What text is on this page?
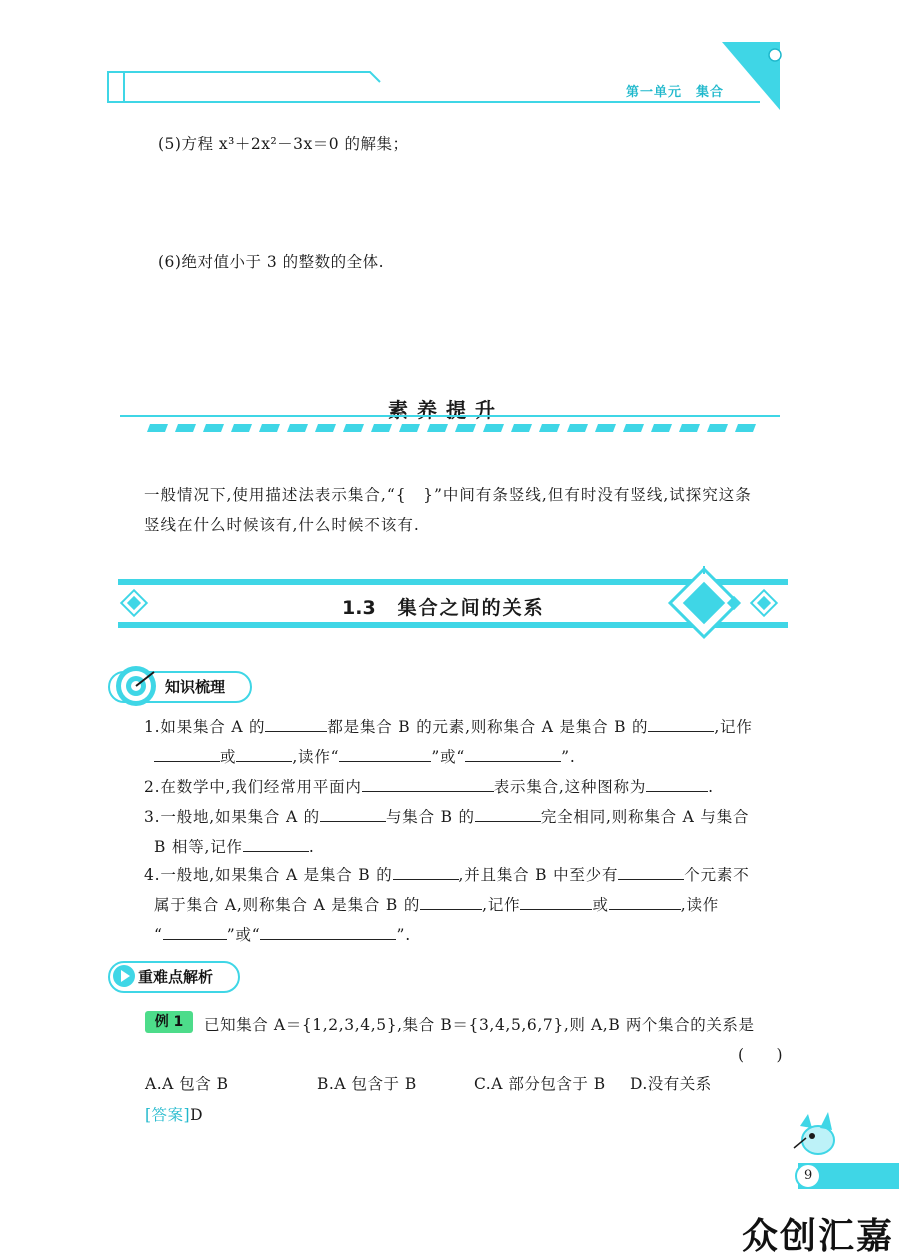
第一单元　集合
(5)方程 x³＋2x²－3x＝0 的解集；
(6)绝对值小于 3 的整数的全体.
素养提升
一般情况下,使用描述法表示集合,“{　}”中间有条竖线,但有时没有竖线,试探究这条
竖线在什么时候该有,什么时候不该有.
1.3 集合之间的关系
知识梳理
1.如果集合 A 的	都是集合 B 的元素,则称集合 A 是集合 B 的	,记作
或	,读作“	”或“	”.
2.在数学中,我们经常用平面内	表示集合,这种图称为	.
3.一般地,如果集合 A 的	与集合 B 的	完全相同,则称集合 A 与集合
B 相等,记作	.
4.一般地,如果集合 A 是集合 B 的	,并且集合 B 中至少有	个元素不
属于集合 A,则称集合 A 是集合 B 的	,记作	或	,读作
“	”或“	”.
重难点解析
例 1	已知集合 A＝{1,2,3,4,5},集合 B＝{3,4,5,6,7},则 A,B 两个集合的关系是
(　　)
A.A 包含 B	B.A 包含于 B	C.A 部分包含于 B D.没有关系
[答案]D
9
众创汇嘉
